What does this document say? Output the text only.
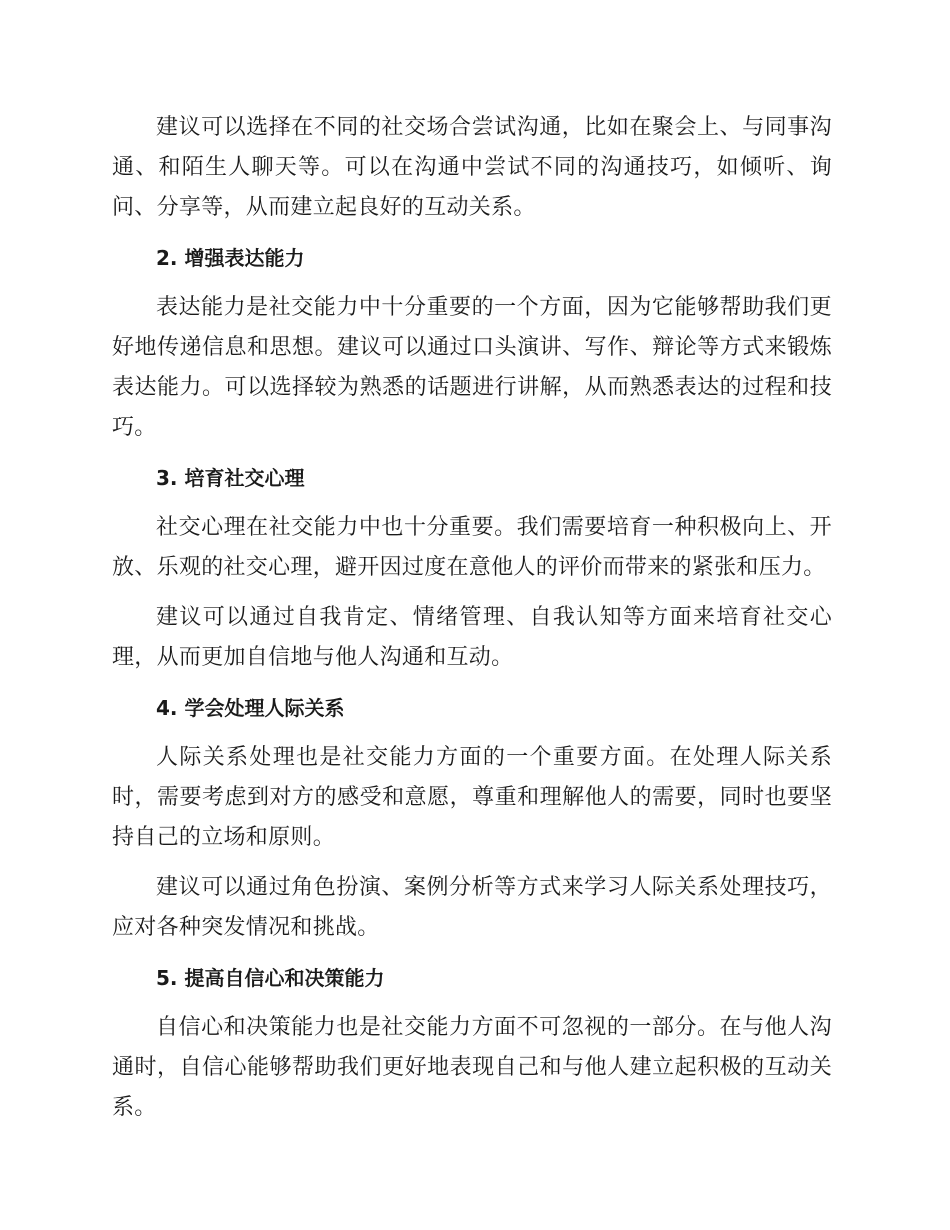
建议可以选择在不同的社交场合尝试沟通，比如在聚会上、与同事沟通、和陌生人聊天等。可以在沟通中尝试不同的沟通技巧，如倾听、询问、分享等，从而建立起良好的互动关系。

2. 增强表达能力

表达能力是社交能力中十分重要的一个方面，因为它能够帮助我们更好地传递信息和思想。建议可以通过口头演讲、写作、辩论等方式来锻炼表达能力。可以选择较为熟悉的话题进行讲解，从而熟悉表达的过程和技巧。

3. 培育社交心理

社交心理在社交能力中也十分重要。我们需要培育一种积极向上、开放、乐观的社交心理，避开因过度在意他人的评价而带来的紧张和压力。

建议可以通过自我肯定、情绪管理、自我认知等方面来培育社交心理，从而更加自信地与他人沟通和互动。

4. 学会处理人际关系

人际关系处理也是社交能力方面的一个重要方面。在处理人际关系时，需要考虑到对方的感受和意愿，尊重和理解他人的需要，同时也要坚持自己的立场和原则。

建议可以通过角色扮演、案例分析等方式来学习人际关系处理技巧，应对各种突发情况和挑战。

5. 提高自信心和决策能力

自信心和决策能力也是社交能力方面不可忽视的一部分。在与他人沟通时，自信心能够帮助我们更好地表现自己和与他人建立起积极的互动关系。
